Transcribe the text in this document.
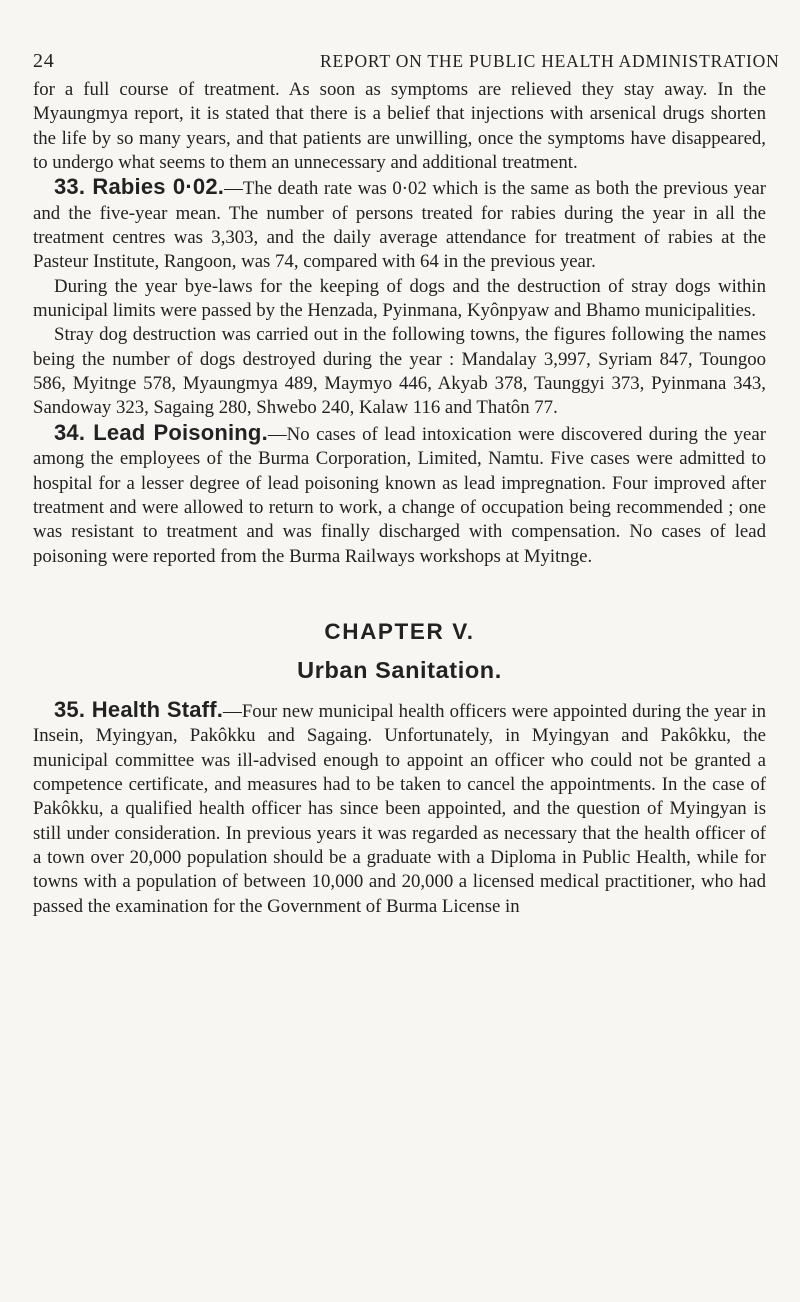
24	REPORT ON THE PUBLIC HEALTH ADMINISTRATION

for a full course of treatment. As soon as symptoms are relieved they stay away. In the Myaungmya report, it is stated that there is a belief that injections with arsenical drugs shorten the life by so many years, and that patients are unwilling, once the symptoms have disappeared, to undergo what seems to them an unnecessary and additional treatment.

33. Rabies 0·02.—The death rate was 0·02 which is the same as both the previous year and the five-year mean. The number of persons treated for rabies during the year in all the treatment centres was 3,303, and the daily average attendance for treatment of rabies at the Pasteur Institute, Rangoon, was 74, compared with 64 in the previous year.

During the year bye-laws for the keeping of dogs and the destruction of stray dogs within municipal limits were passed by the Henzada, Pyinmana, Kyônpyaw and Bhamo municipalities.

Stray dog destruction was carried out in the following towns, the figures following the names being the number of dogs destroyed during the year : Mandalay 3,997, Syriam 847, Toungoo 586, Myitnge 578, Myaungmya 489, Maymyo 446, Akyab 378, Taunggyi 373, Pyinmana 343, Sandoway 323, Sagaing 280, Shwebo 240, Kalaw 116 and Thatôn 77.

34. Lead Poisoning.—No cases of lead intoxication were discovered during the year among the employees of the Burma Corporation, Limited, Namtu. Five cases were admitted to hospital for a lesser degree of lead poisoning known as lead impregnation. Four improved after treatment and were allowed to return to work, a change of occupation being recommended ; one was resistant to treatment and was finally discharged with compensation. No cases of lead poisoning were reported from the Burma Railways workshops at Myitnge.

CHAPTER V.
Urban Sanitation.

35. Health Staff.—Four new municipal health officers were appointed during the year in Insein, Myingyan, Pakôkku and Sagaing. Unfortunately, in Myingyan and Pakôkku, the municipal committee was ill-advised enough to appoint an officer who could not be granted a competence certificate, and measures had to be taken to cancel the appointments. In the case of Pakôkku, a qualified health officer has since been appointed, and the question of Myingyan is still under consideration. In previous years it was regarded as necessary that the health officer of a town over 20,000 population should be a graduate with a Diploma in Public Health, while for towns with a population of between 10,000 and 20,000 a licensed medical practitioner, who had passed the examination for the Government of Burma License in
